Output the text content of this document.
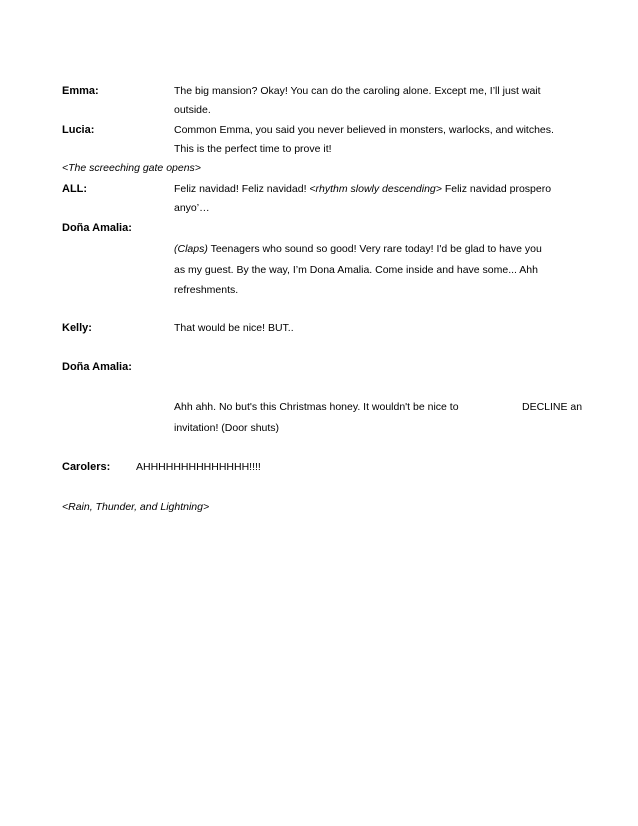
Emma:	The big mansion? Okay! You can do the caroling alone. Except me, I’ll just wait
outside.
Lucia:	Common Emma, you said you never believed in monsters, warlocks, and witches.
This is the perfect time to prove it!
<The screeching gate opens>
ALL:	Feliz navidad! Feliz navidad! <rhythm slowly descending> Feliz navidad prospero
anyo’…
Doña Amalia:
(Claps) Teenagers who sound so good! Very rare today! I'd be glad to have you
as my guest. By the way, I’m Dona Amalia. Come inside and have some... Ahh
refreshments.
Kelly:	That would be nice! BUT..
Doña Amalia:
Ahh ahh. No but's this Christmas honey. It wouldn't be nice to	DECLINE an
invitation! (Door shuts)
Carolers: AHHHHHHHHHHHHHH!!!!
<Rain, Thunder, and Lightning>
